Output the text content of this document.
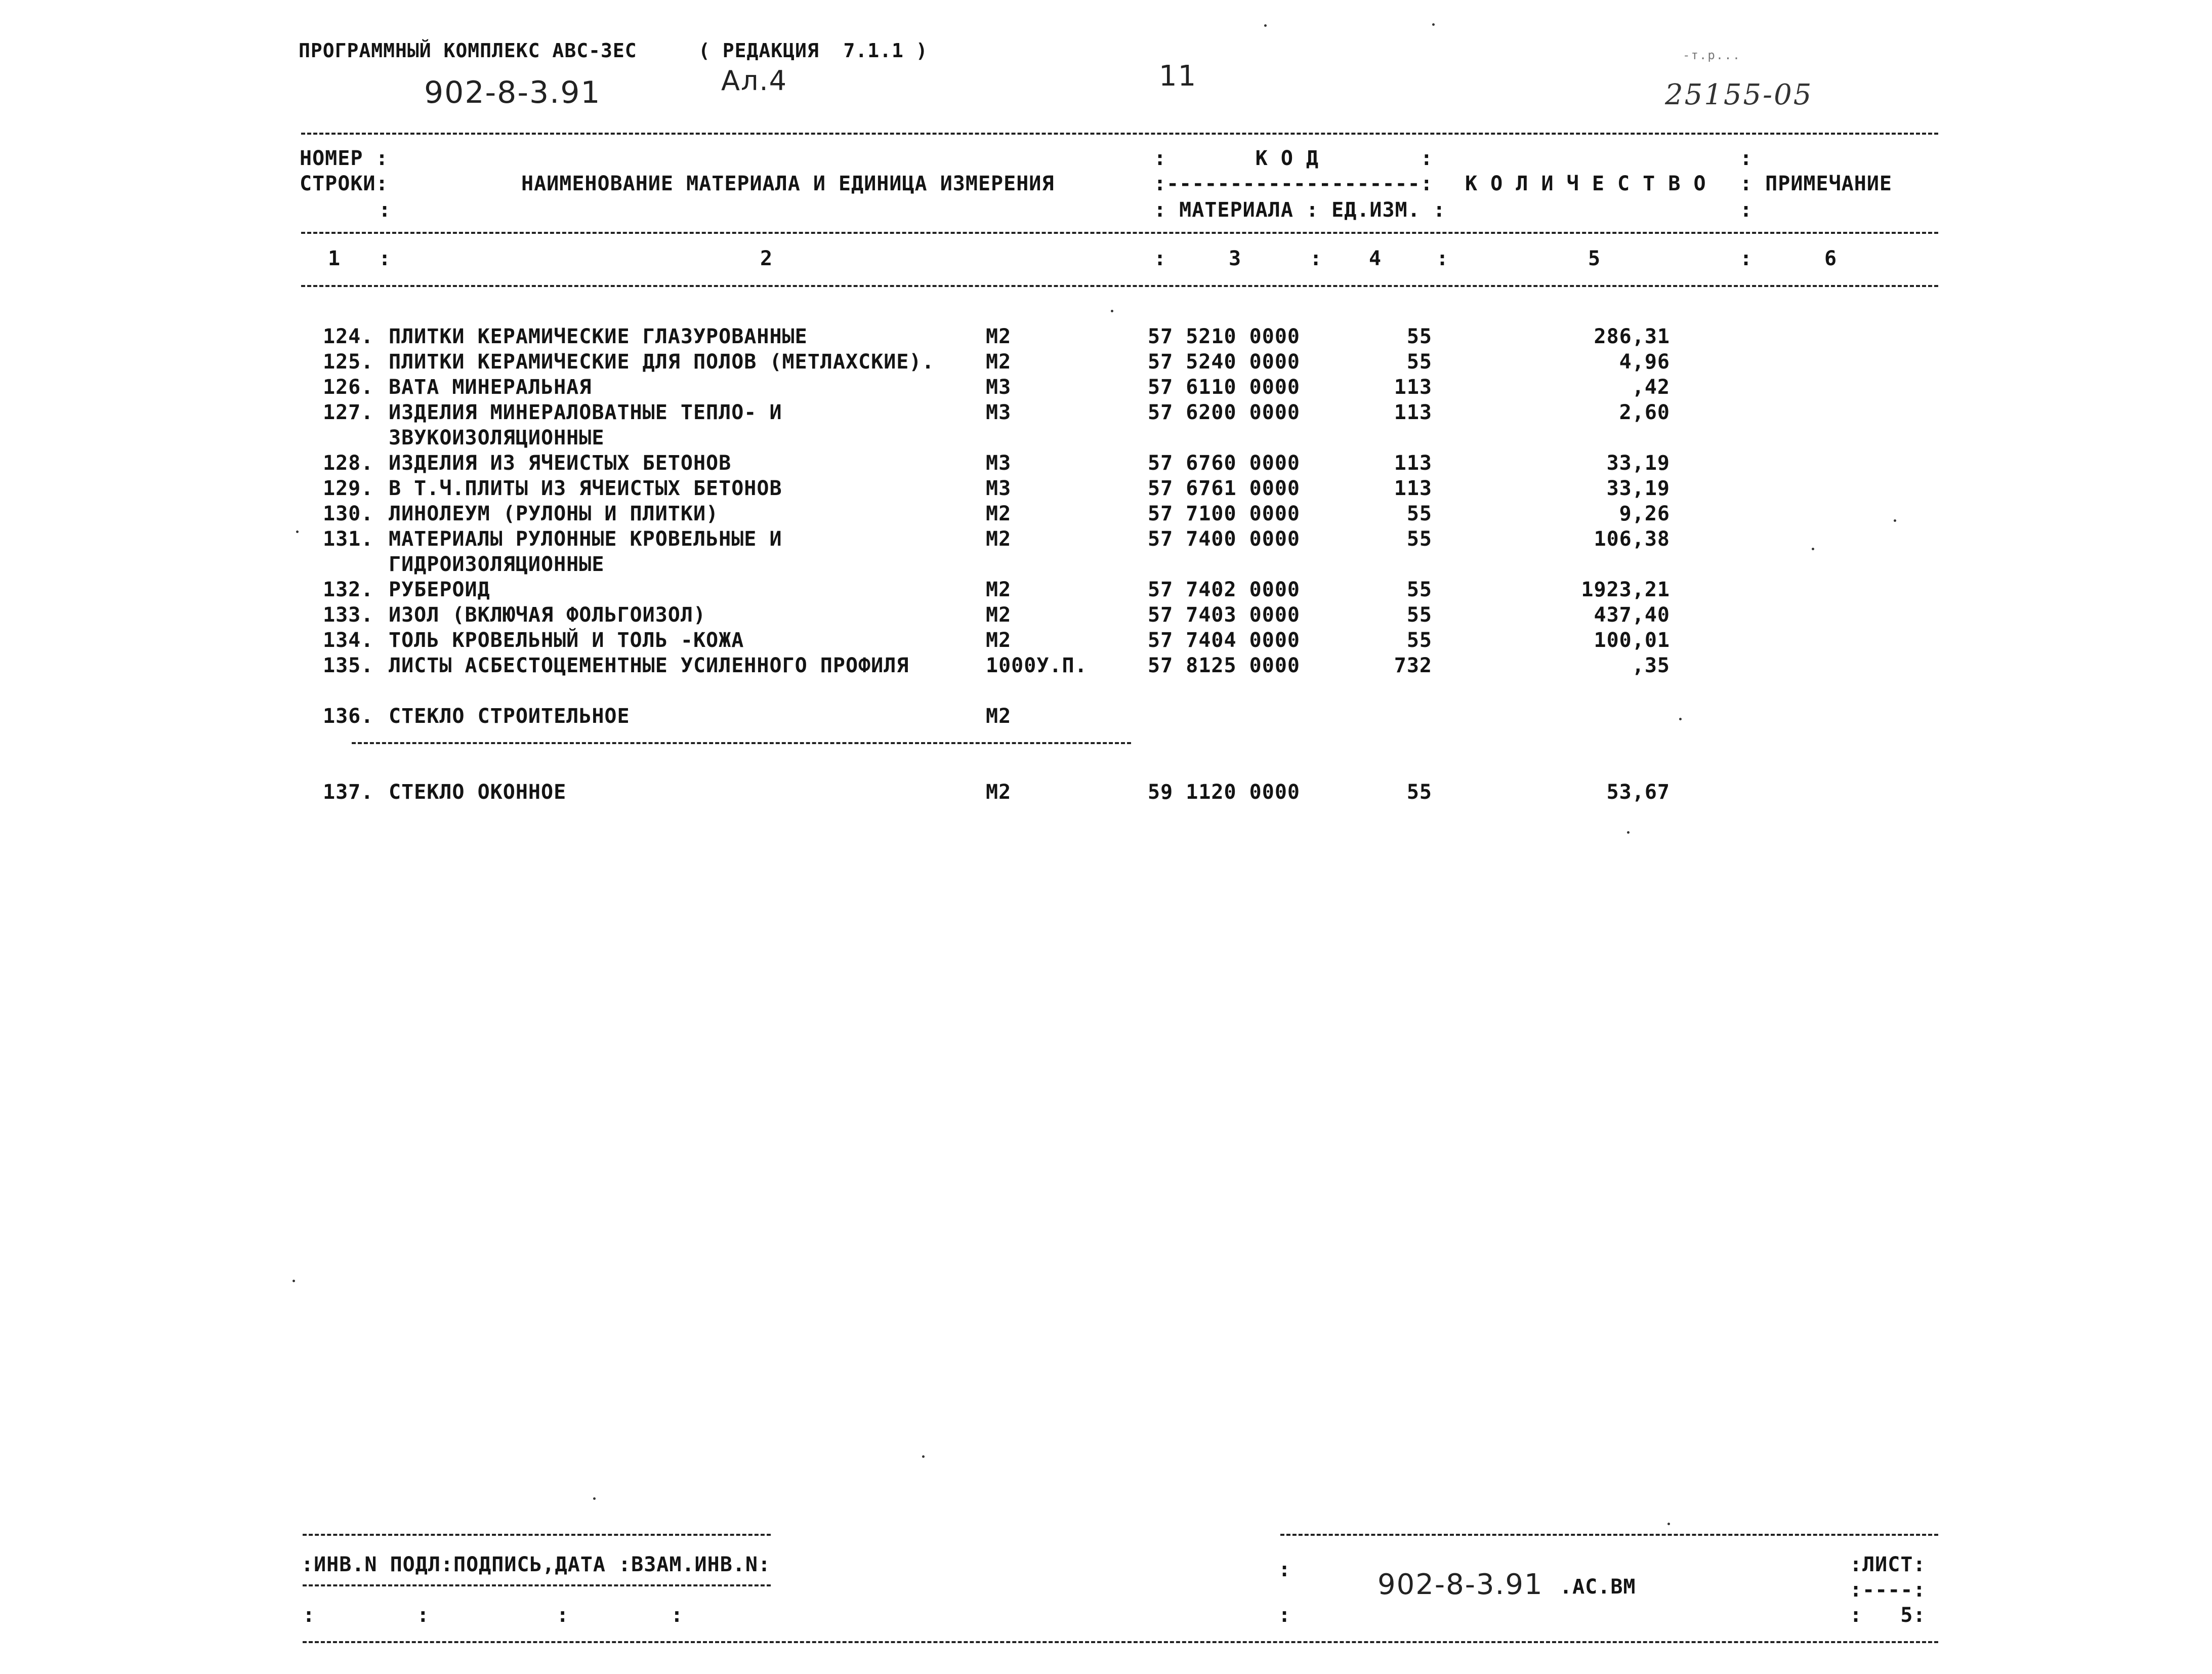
ПРОГРАММНЫЙ КОМПЛЕКС АВС-3ЕС	( РЕДАКЦИЯ  7.1.1 )
902-8-3.91	Ал.4	11
25155-05
-т.р...
НОМЕР :
СТРОКИ:
:
НАИМЕНОВАНИЕ МАТЕРИАЛА И ЕДИНИЦА ИЗМЕРЕНИЯ
:       К О Д        :
:--------------------:
: МАТЕРИАЛА : ЕД.ИЗМ. :
К О Л И Ч Е С Т В О
:
: ПРИМЕЧАНИЕ
:
1 :	2	:	3	: 4	:	5	:	6
124. ПЛИТКИ КЕРАМИЧЕСКИЕ ГЛАЗУРОВАННЫЕ	М2	57 5210 0000	55	286,31
125. ПЛИТКИ КЕРАМИЧЕСКИЕ ДЛЯ ПОЛОВ (МЕТЛАХСКИЕ).	М2	57 5240 0000	55	4,96
126. ВАТА МИНЕРАЛЬНАЯ	М3	57 6110 0000	113	,42
127. ИЗДЕЛИЯ МИНЕРАЛОВАТНЫЕ ТЕПЛО- И
ЗВУКОИЗОЛЯЦИОННЫЕ
М3	57 6200 0000	113	2,60
128. ИЗДЕЛИЯ ИЗ ЯЧЕИСТЫХ БЕТОНОВ	М3	57 6760 0000	113	33,19
129. В Т.Ч.ПЛИТЫ ИЗ ЯЧЕИСТЫХ БЕТОНОВ	М3	57 6761 0000	113	33,19
130. ЛИНОЛЕУМ (РУЛОНЫ И ПЛИТКИ)	М2	57 7100 0000	55	9,26
131. МАТЕРИАЛЫ РУЛОННЫЕ КРОВЕЛЬНЫЕ И
ГИДРОИЗОЛЯЦИОННЫЕ
М2	57 7400 0000	55	106,38
132. РУБЕРОИД	М2	57 7402 0000	55	1923,21
133. ИЗОЛ (ВКЛЮЧАЯ ФОЛЬГОИЗОЛ)	М2	57 7403 0000	55	437,40
134. ТОЛЬ КРОВЕЛЬНЫЙ И ТОЛЬ -КОЖА	М2	57 7404 0000	55	100,01
135. ЛИСТЫ АСБЕСТОЦЕМЕНТНЫЕ УСИЛЕННОГО ПРОФИЛЯ	1000У.П.	57 8125 0000	732	,35
136. СТЕКЛО СТРОИТЕЛЬНОЕ	М2
137. СТЕКЛО ОКОННОЕ	М2	59 1120 0000	55	53,67
:ИНВ.N ПОДЛ:ПОДПИСЬ,ДАТА :ВЗАМ.ИНВ.N:
:        :          :        :
:
:
902-8-3.91 .АС.ВМ
:ЛИСТ:
:----:
:   5:
